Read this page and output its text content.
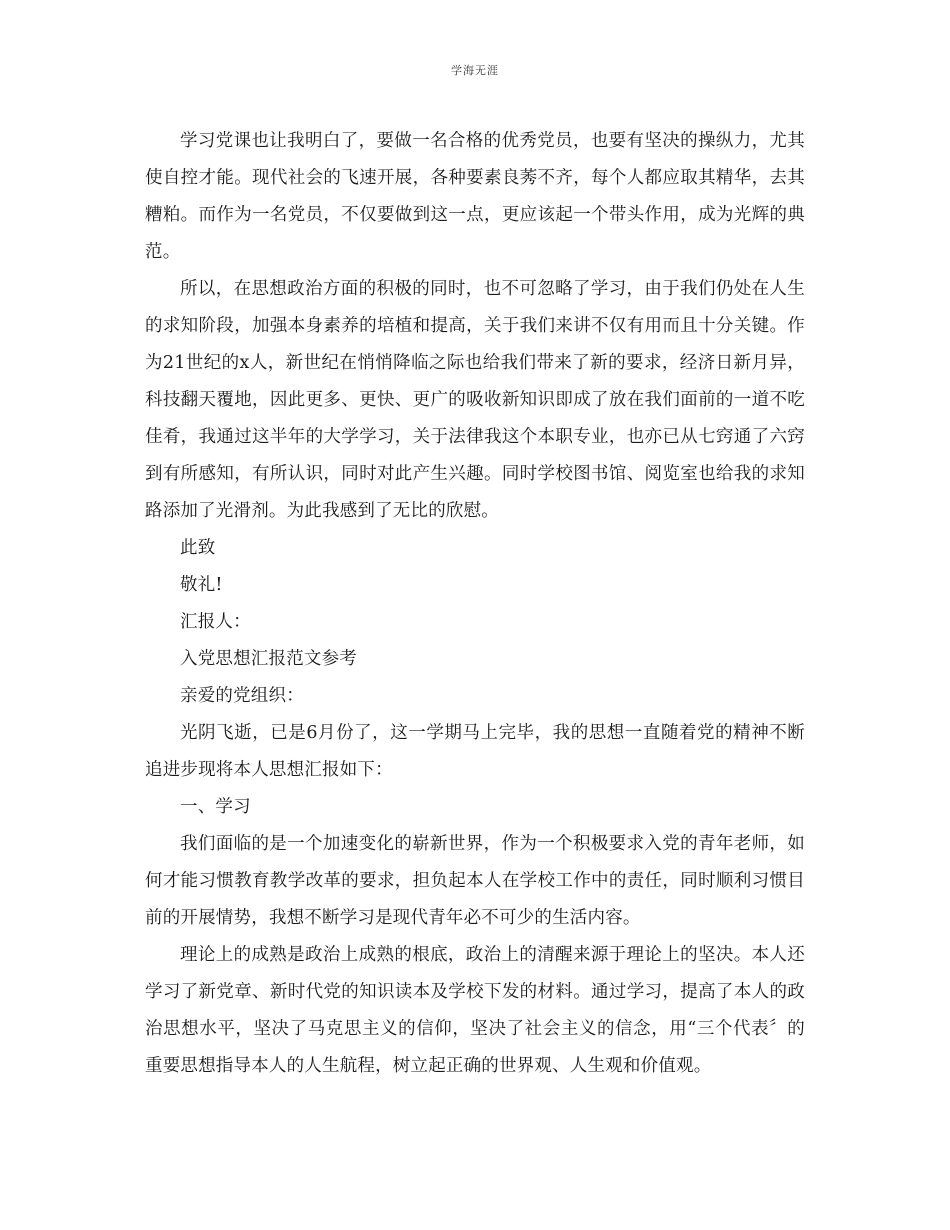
学海无涯

学习党课也让我明白了，要做一名合格的优秀党员，也要有坚决的操纵力，尤其使自控才能。现代社会的飞速开展，各种要素良莠不齐，每个人都应取其精华，去其糟粕。而作为一名党员，不仅要做到这一点，更应该起一个带头作用，成为光辉的典范。

所以，在思想政治方面的积极的同时，也不可忽略了学习，由于我们仍处在人生的求知阶段，加强本身素养的培植和提高，关于我们来讲不仅有用而且十分关键。作为21世纪的x人，新世纪在悄悄降临之际也给我们带来了新的要求，经济日新月异，科技翻天覆地，因此更多、更快、更广的吸收新知识即成了放在我们面前的一道不吃佳肴，我通过这半年的大学学习，关于法律我这个本职专业，也亦已从七窍通了六窍到有所感知，有所认识，同时对此产生兴趣。同时学校图书馆、阅览室也给我的求知路添加了光滑剂。为此我感到了无比的欣慰。

此致

敬礼!

汇报人：

入党思想汇报范文参考

亲爱的党组织：

光阴飞逝，已是6月份了，这一学期马上完毕，我的思想一直随着党的精神不断追进步现将本人思想汇报如下：

一、学习

我们面临的是一个加速变化的崭新世界，作为一个积极要求入党的青年老师，如何才能习惯教育教学改革的要求，担负起本人在学校工作中的责任，同时顺利习惯目前的开展情势，我想不断学习是现代青年必不可少的生活内容。

理论上的成熟是政治上成熟的根底，政治上的清醒来源于理论上的坚决。本人还学习了新党章、新时代党的知识读本及学校下发的材料。通过学习，提高了本人的政治思想水平，坚决了马克思主义的信仰，坚决了社会主义的信念，用“三个代表〞的重要思想指导本人的人生航程，树立起正确的世界观、人生观和价值观。
